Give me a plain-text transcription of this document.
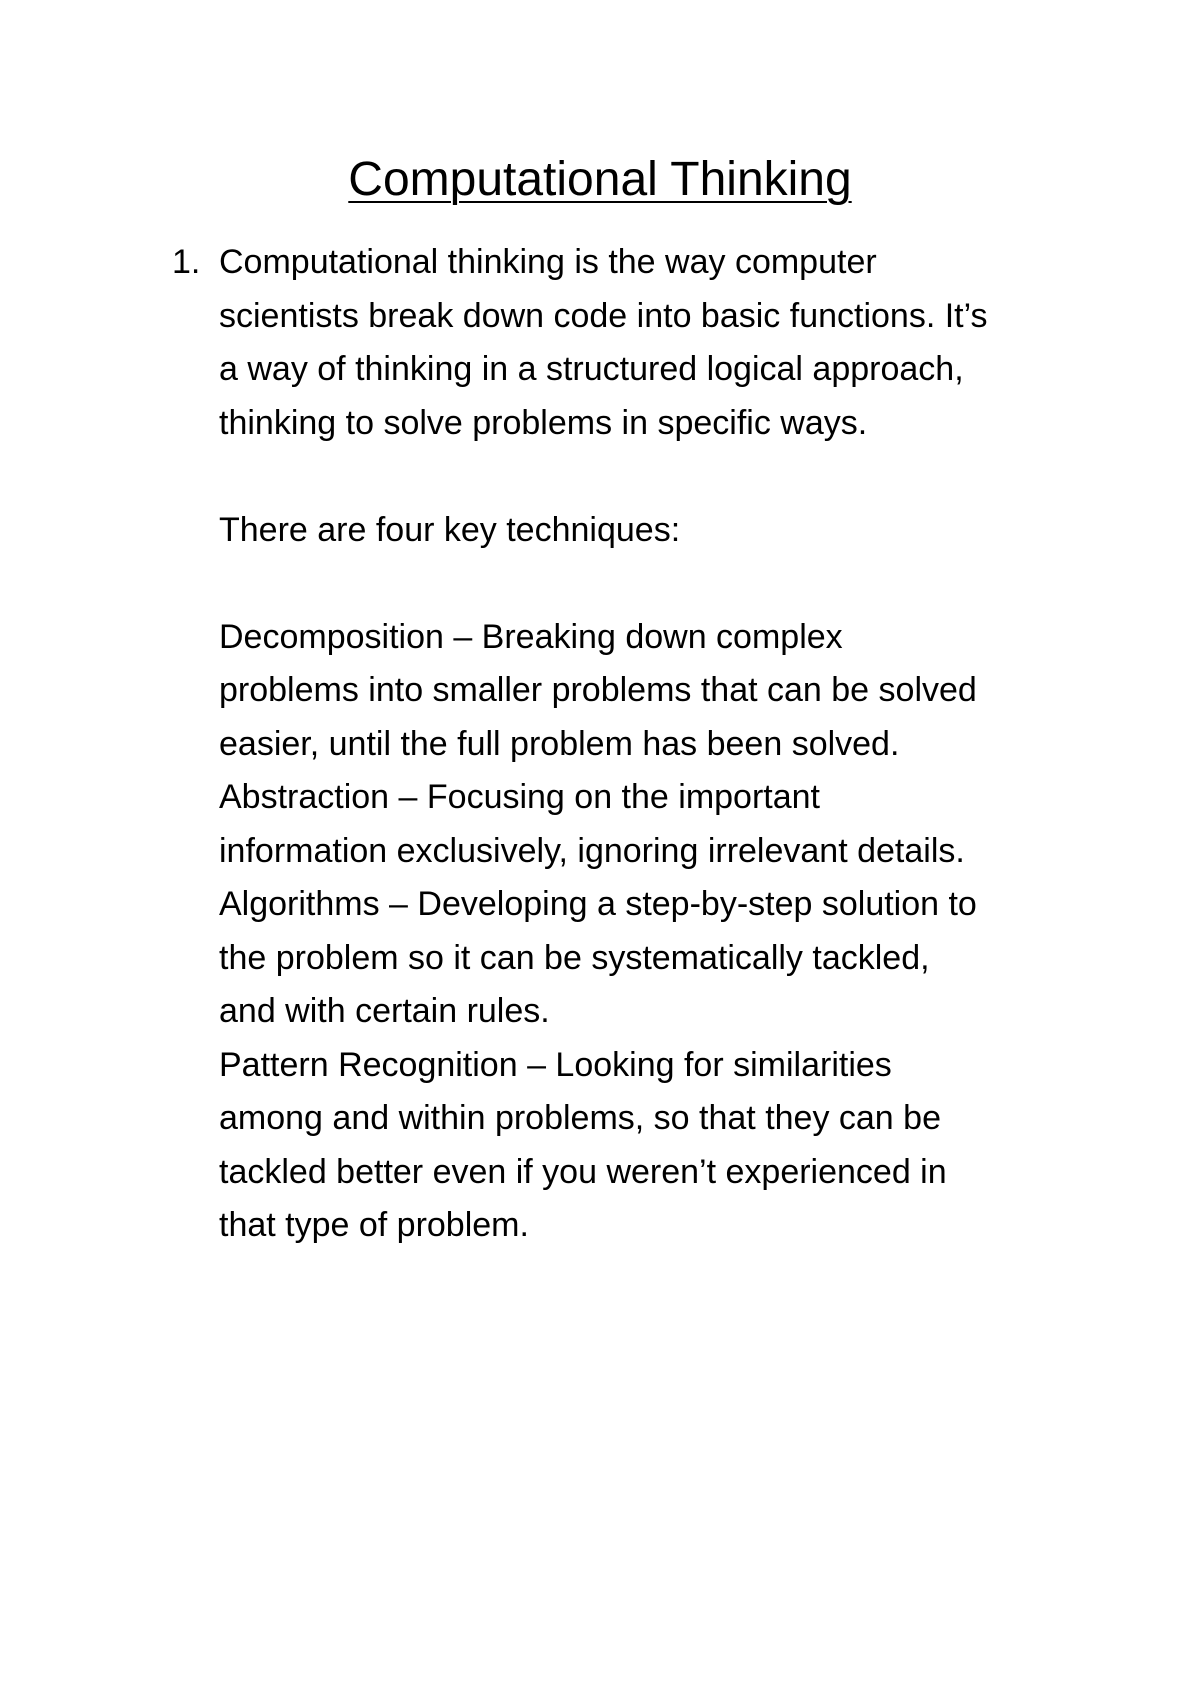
Computational Thinking
1. Computational thinking is the way computer
scientists break down code into basic functions. It’s
a way of thinking in a structured logical approach,
thinking to solve problems in specific ways.
There are four key techniques:
Decomposition – Breaking down complex
problems into smaller problems that can be solved
easier, until the full problem has been solved.
Abstraction – Focusing on the important
information exclusively, ignoring irrelevant details.
Algorithms – Developing a step-by-step solution to
the problem so it can be systematically tackled,
and with certain rules.
Pattern Recognition – Looking for similarities
among and within problems, so that they can be
tackled better even if you weren’t experienced in
that type of problem.
